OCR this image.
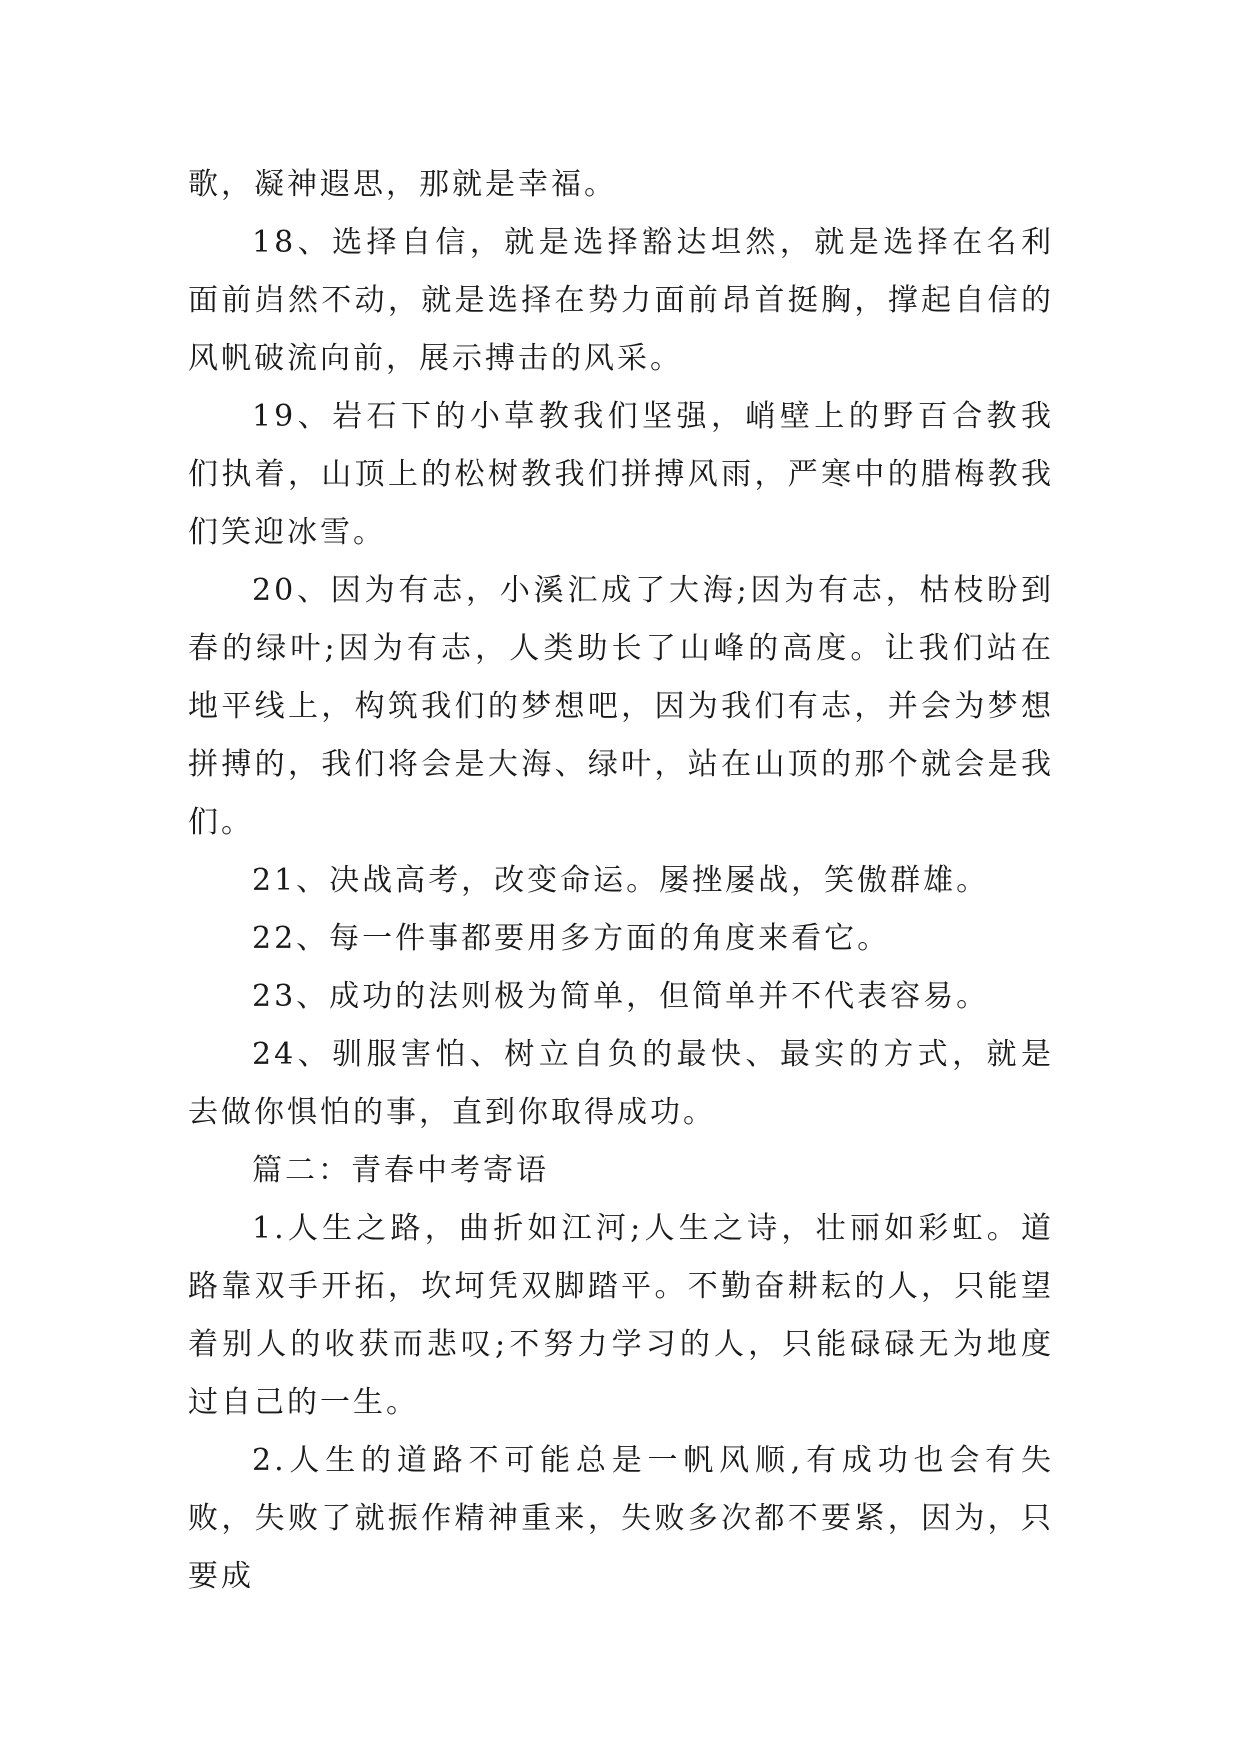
歌，凝神遐思，那就是幸福。

18、选择自信，就是选择豁达坦然，就是选择在名利面前岿然不动，就是选择在势力面前昂首挺胸，撑起自信的风帆破流向前，展示搏击的风采。

19、岩石下的小草教我们坚强，峭壁上的野百合教我们执着，山顶上的松树教我们拼搏风雨，严寒中的腊梅教我们笑迎冰雪。

20、因为有志，小溪汇成了大海;因为有志，枯枝盼到春的绿叶;因为有志，人类助长了山峰的高度。让我们站在地平线上，构筑我们的梦想吧，因为我们有志，并会为梦想拼搏的，我们将会是大海、绿叶，站在山顶的那个就会是我们。

21、决战高考，改变命运。屡挫屡战，笑傲群雄。

22、每一件事都要用多方面的角度来看它。

23、成功的法则极为简单，但简单并不代表容易。

24、驯服害怕、树立自负的最快、最实的方式，就是去做你惧怕的事，直到你取得成功。

篇二：青春中考寄语

1.人生之路，曲折如江河;人生之诗，壮丽如彩虹。道路靠双手开拓，坎坷凭双脚踏平。不勤奋耕耘的人，只能望着别人的收获而悲叹;不努力学习的人，只能碌碌无为地度过自己的一生。

2.人生的道路不可能总是一帆风顺,有成功也会有失败，失败了就振作精神重来，失败多次都不要紧，因为，只要成
